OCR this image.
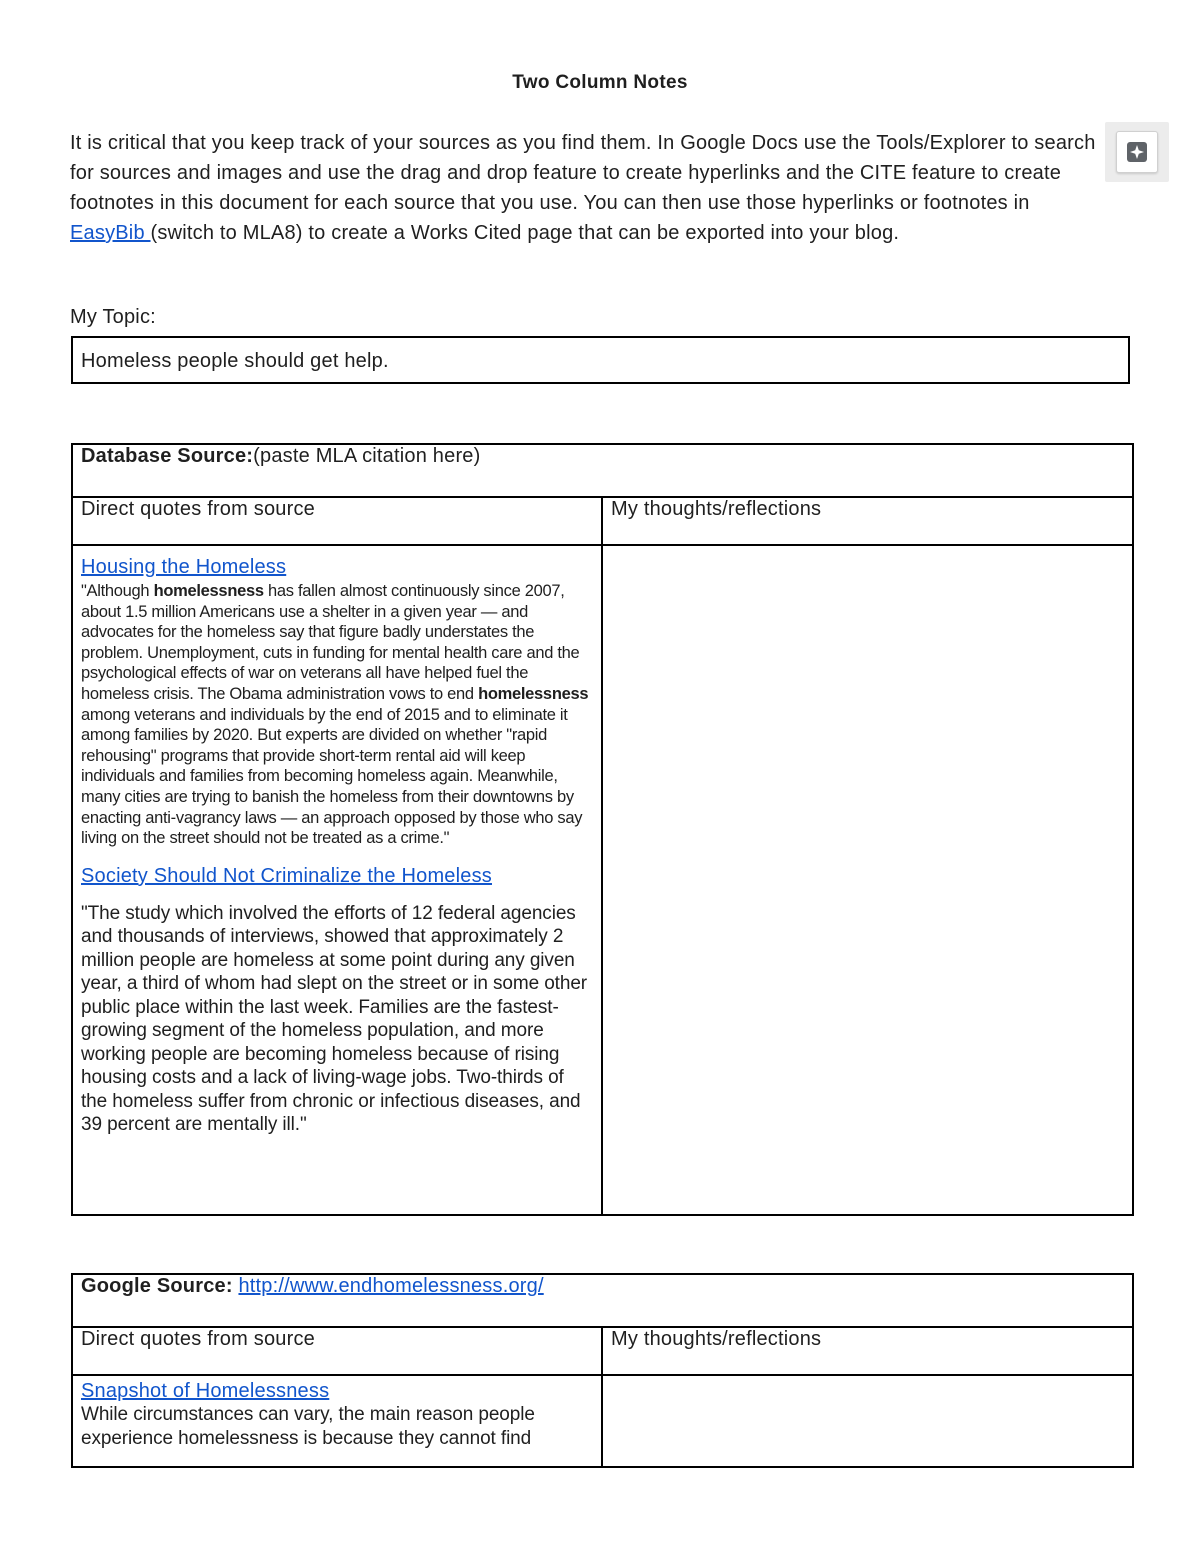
Two Column Notes
It is critical that you keep track of your sources as you find them. In Google Docs use the Tools/Explorer to search for sources and images and use the drag and drop feature to create hyperlinks and the CITE feature to create footnotes in this document for each source that you use. You can then use those hyperlinks or footnotes in EasyBib (switch to MLA8) to create a Works Cited page that can be exported into your blog.
My Topic:
Homeless people should get help.
Database Source:(paste MLA citation here)	
Direct quotes from source	My thoughts/reflections

Housing the Homeless

"Although homelessness has fallen almost continuously since 2007, about 1.5 million Americans use a shelter in a given year — and advocates for the homeless say that figure badly understates the problem. Unemployment, cuts in funding for mental health care and the psychological effects of war on veterans all have helped fuel the homeless crisis. The Obama administration vows to end homelessness among veterans and individuals by the end of 2015 and to eliminate it among families by 2020. But experts are divided on whether "rapid rehousing" programs that provide short-term rental aid will keep individuals and families from becoming homeless again. Meanwhile, many cities are trying to banish the homeless from their downtowns by enacting anti-vagrancy laws — an approach opposed by those who say living on the street should not be treated as a crime."

Society Should Not Criminalize the Homeless

"The study which involved the efforts of 12 federal agencies and thousands of interviews, showed that approximately 2 million people are homeless at some point during any given year, a third of whom had slept on the street or in some other public place within the last week. Families are the fastest-growing segment of the homeless population, and more working people are becoming homeless because of rising housing costs and a lack of living-wage jobs. Two-thirds of the homeless suffer from chronic or infectious diseases, and 39 percent are mentally ill."	

Google Source: http://www.endhomelessness.org/	
Direct quotes from source	My thoughts/reflections

Snapshot of Homelessness

While circumstances can vary, the main reason people experience homelessness is because they cannot find	
